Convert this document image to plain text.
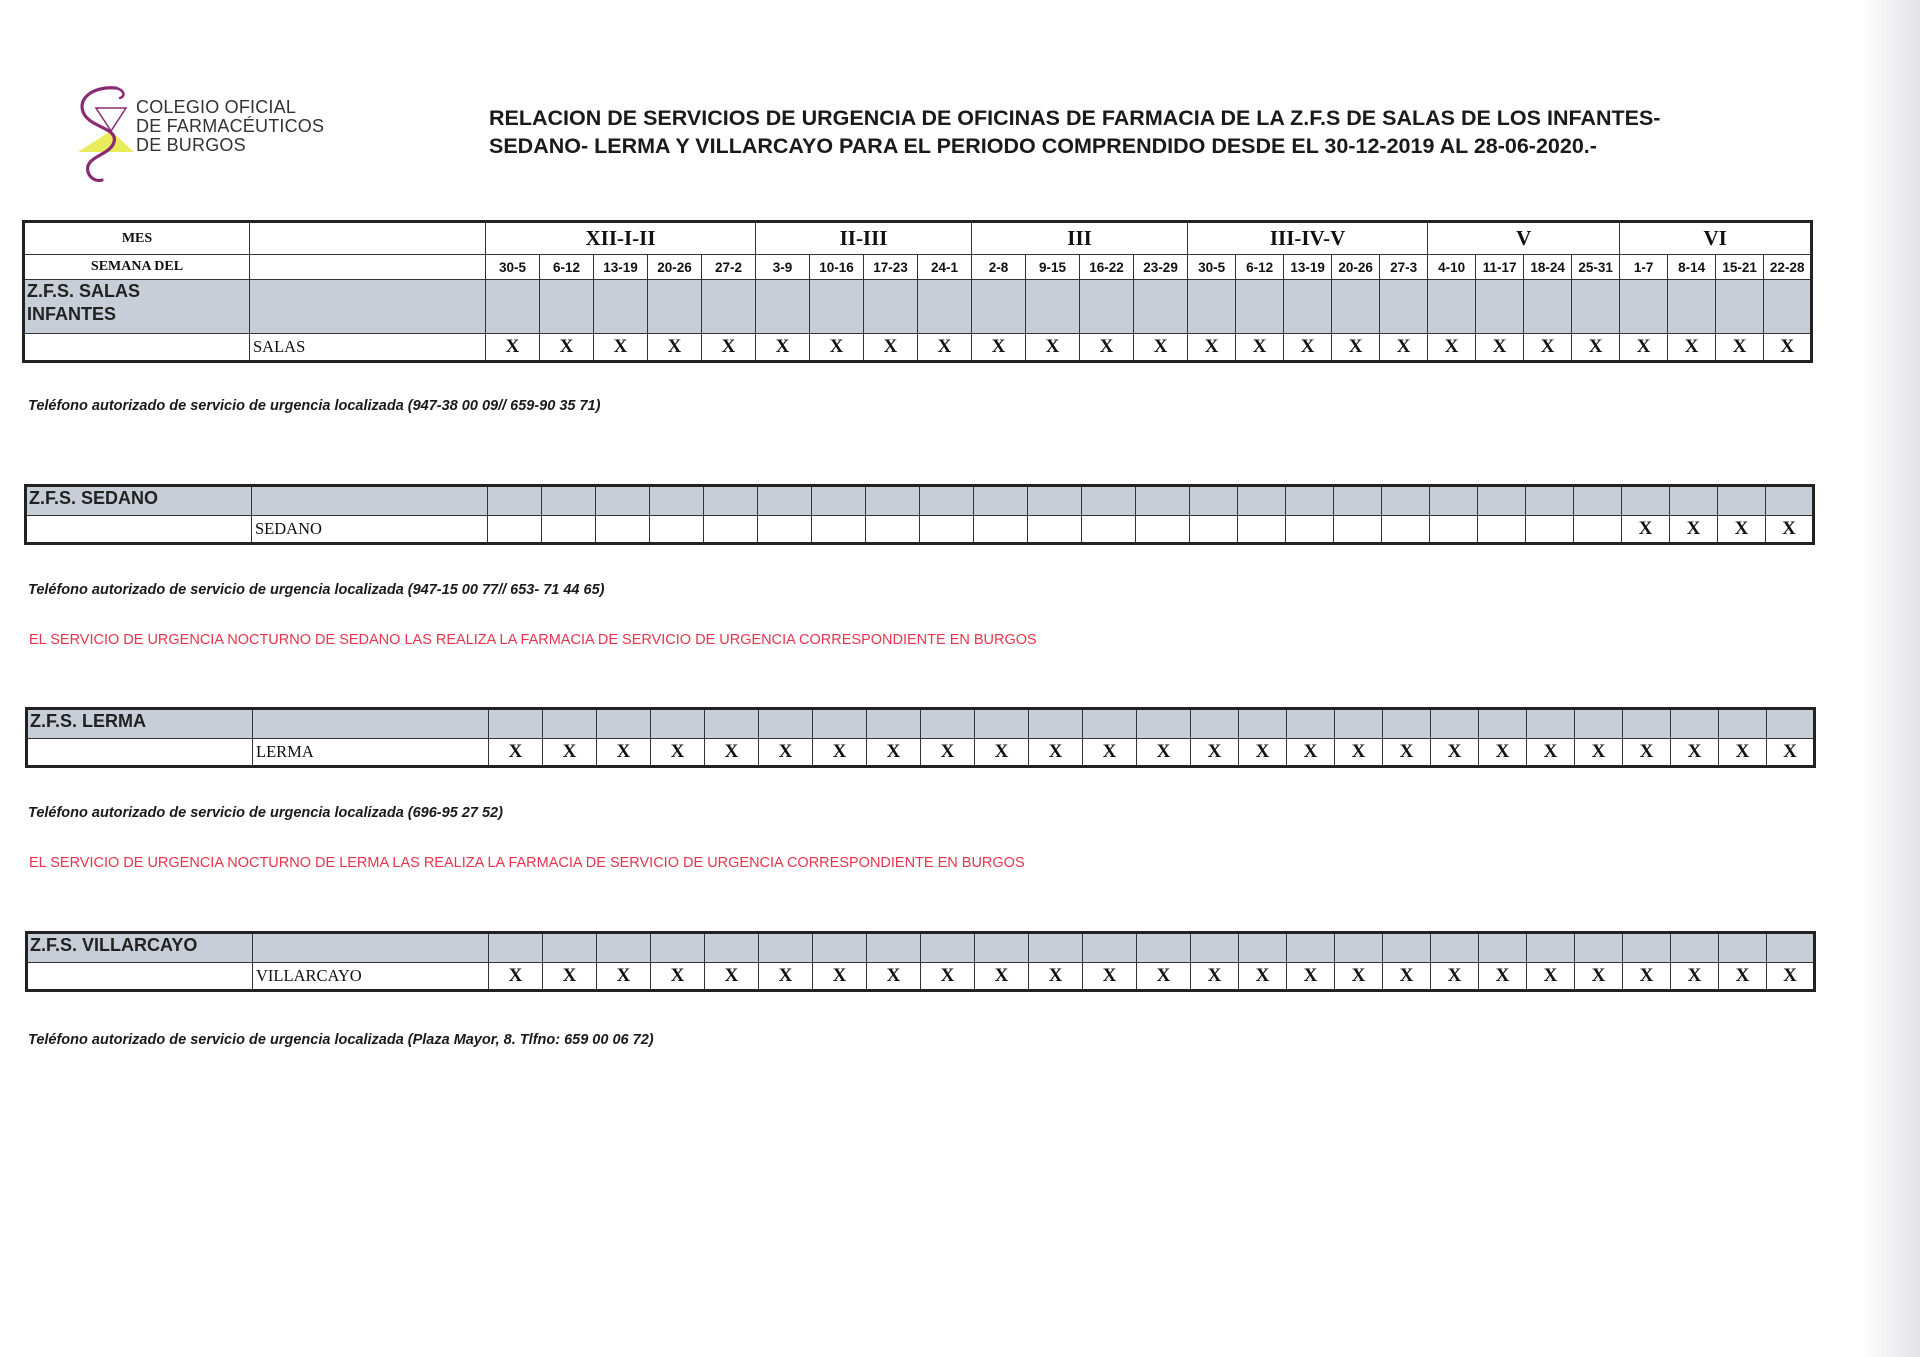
COLEGIO OFICIAL
DE FARMACÉUTICOS
DE BURGOS
RELACION DE SERVICIOS DE URGENCIA DE OFICINAS DE FARMACIA DE LA Z.F.S DE SALAS DE LOS INFANTES-
SEDANO- LERMA Y VILLARCAYO PARA EL PERIODO COMPRENDIDO DESDE EL 30-12-2019 AL 28-06-2020.-
MES		XII-I-II					II-III				III				III-IV-V					V				VI			
SEMANA DEL		30-5	6-12	13-19	20-26	27-2	3-9	10-16	17-23	24-1	2-8	9-15	16-22	23-29	30-5	6-12	13-19	20-26	27-3	4-10	11-17	18-24	25-31	1-7	8-14	15-21	22-28

Z.F.S. SALAS
INFANTES																											

	SALAS	X	X	X	X	X	X	X	X	X	X	X	X	X	X	X	X	X	X	X	X	X	X	X	X	X	X
Z.F.S. SEDANO																											

	SEDANO																							X	X	X	X
Z.F.S. LERMA																											

	LERMA	X	X	X	X	X	X	X	X	X	X	X	X	X	X	X	X	X	X	X	X	X	X	X	X	X	X
Z.F.S. VILLARCAYO																											

	VILLARCAYO	X	X	X	X	X	X	X	X	X	X	X	X	X	X	X	X	X	X	X	X	X	X	X	X	X	X
Teléfono autorizado de servicio de urgencia localizada (947-38 00 09// 659-90 35 71)
Teléfono autorizado de servicio de urgencia localizada (947-15 00 77// 653- 71 44 65)
EL SERVICIO DE URGENCIA NOCTURNO DE SEDANO LAS REALIZA LA FARMACIA DE SERVICIO DE URGENCIA CORRESPONDIENTE EN BURGOS
Teléfono autorizado de servicio de urgencia localizada (696-95 27 52)
EL SERVICIO DE URGENCIA NOCTURNO DE LERMA LAS REALIZA LA FARMACIA DE SERVICIO DE URGENCIA CORRESPONDIENTE EN BURGOS
Teléfono autorizado de servicio de urgencia localizada (Plaza Mayor, 8. Tlfno: 659 00 06 72)
